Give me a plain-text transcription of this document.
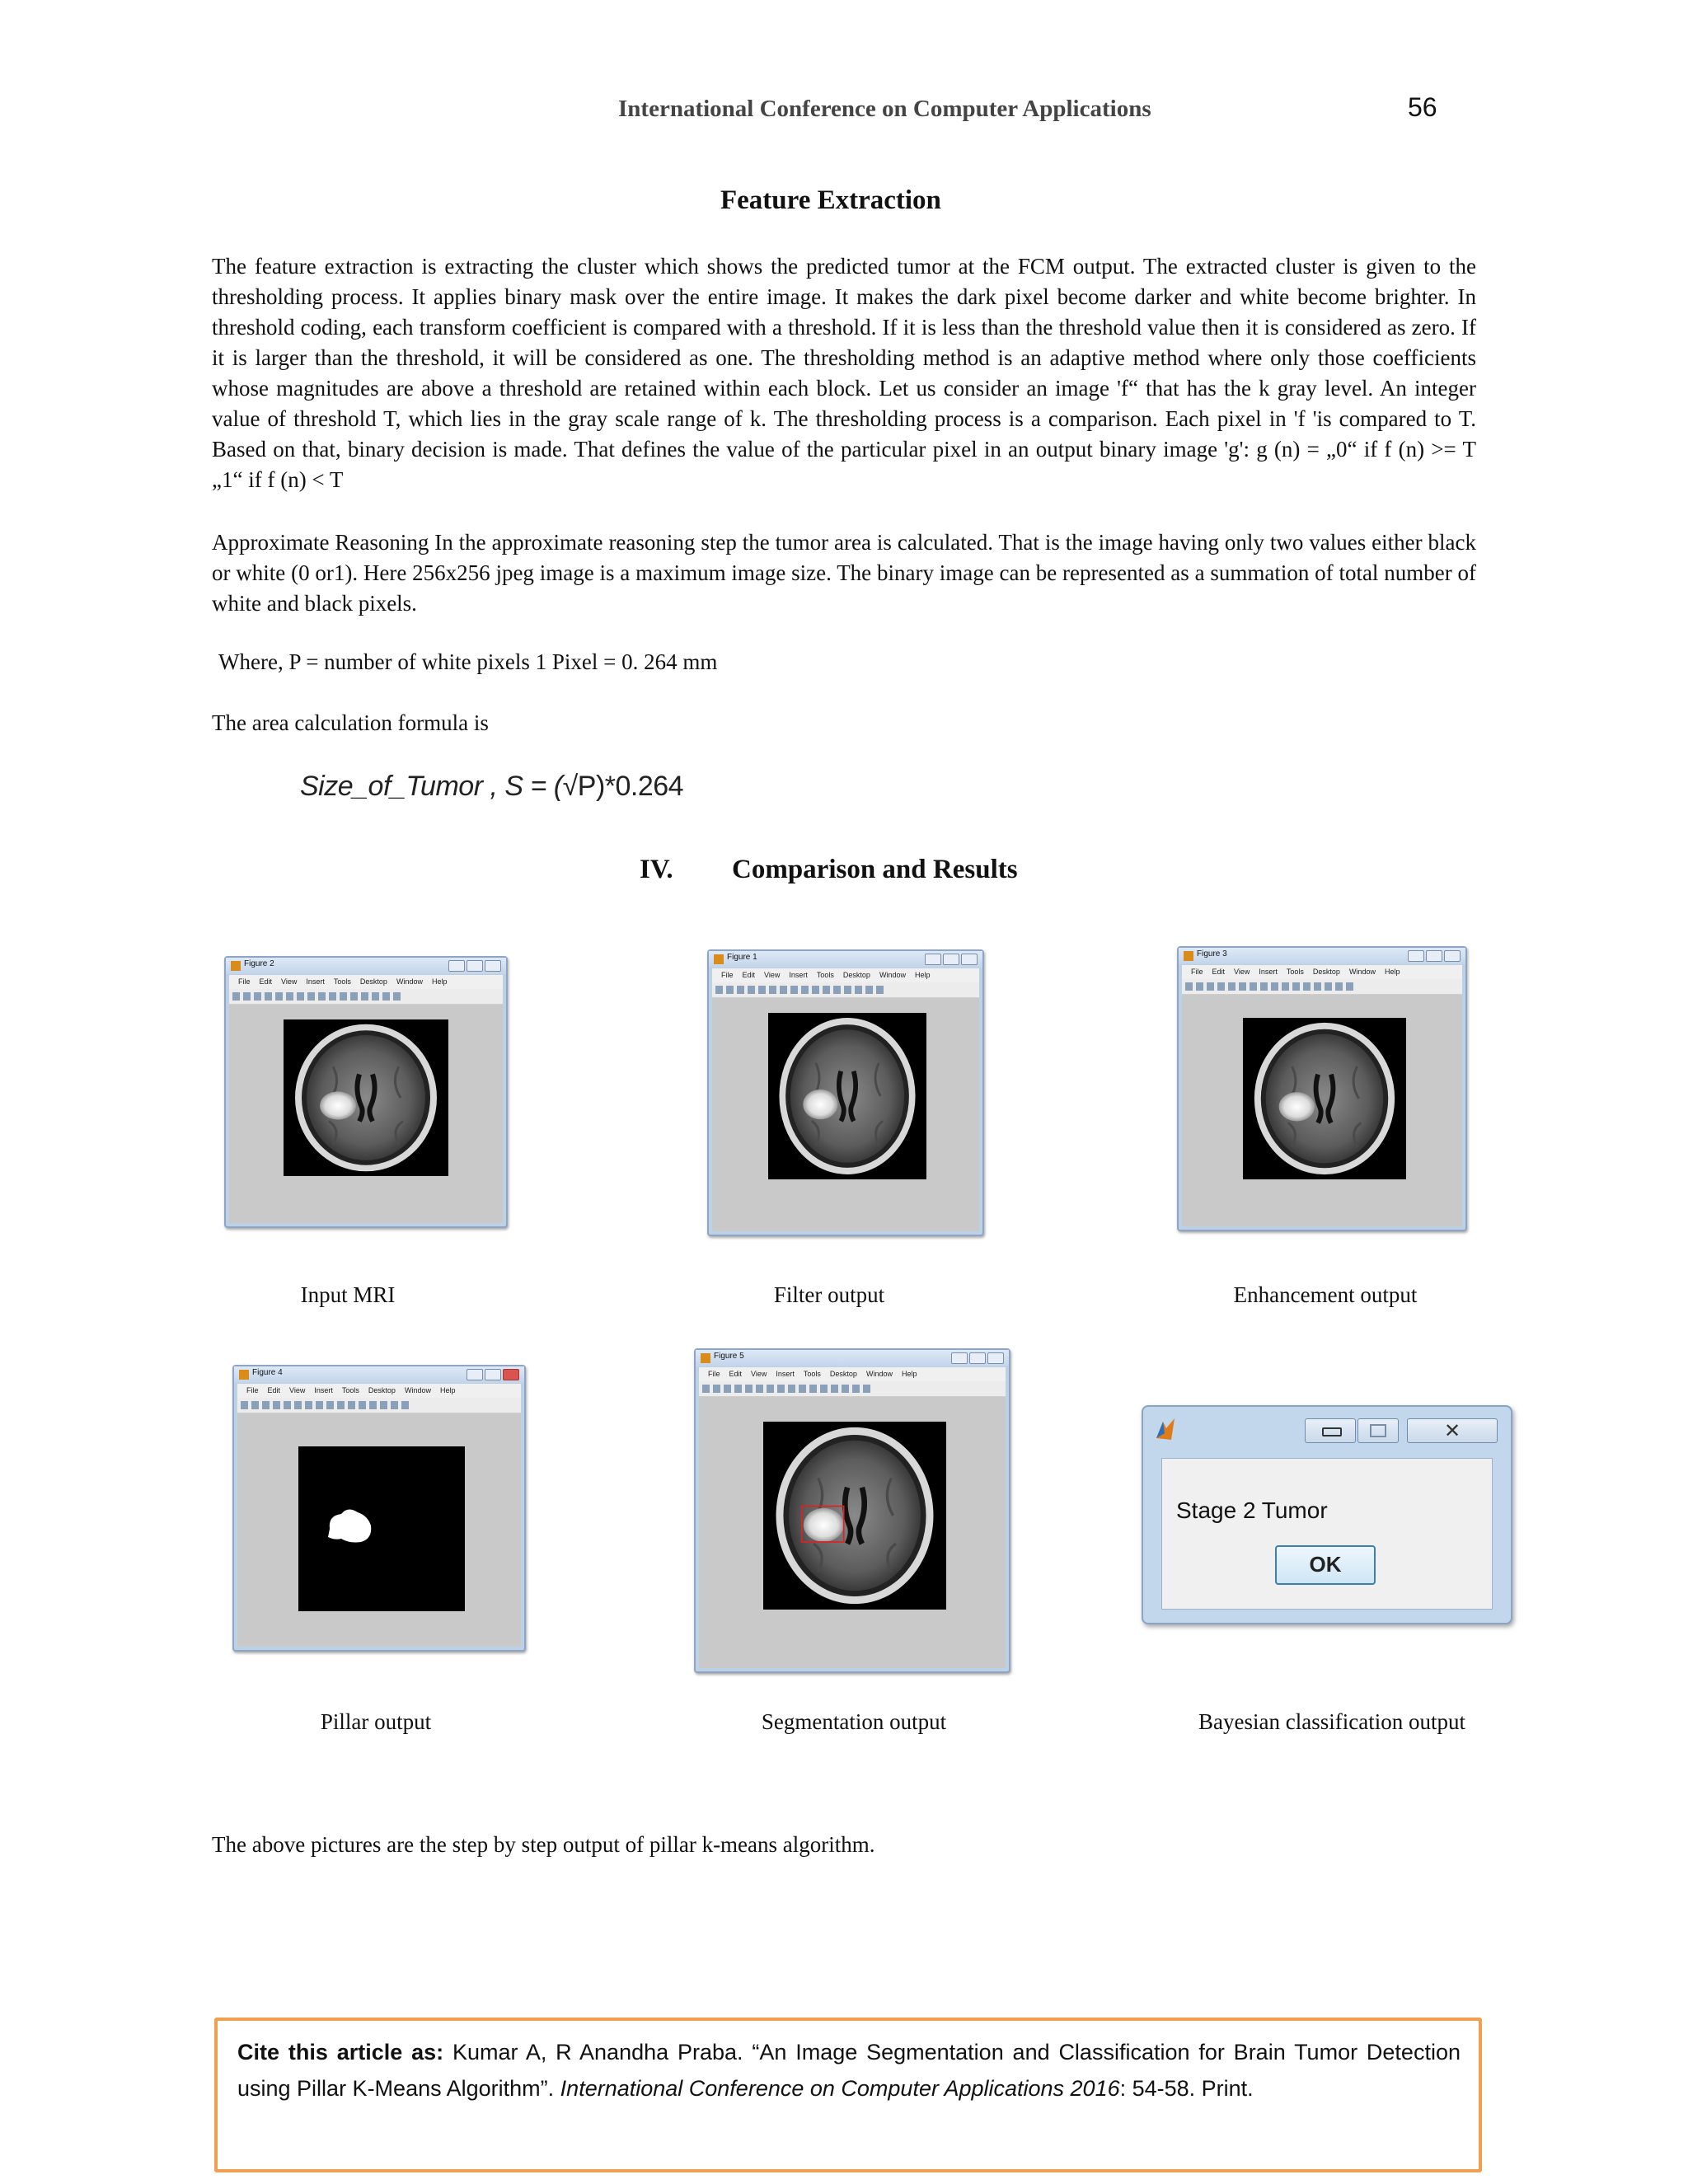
International Conference on Computer Applications	56
Feature Extraction
The feature extraction is extracting the cluster which shows the predicted tumor at the FCM output. The extracted cluster is given to the thresholding process. It applies binary mask over the entire image. It makes the dark pixel become darker and white become brighter. In threshold coding, each transform coefficient is compared with a threshold. If it is less than the threshold value then it is considered as zero. If it is larger than the threshold, it will be considered as one. The thresholding method is an adaptive method where only those coefficients whose magnitudes are above a threshold are retained within each block. Let us consider an image 'f“ that has the k gray level. An integer value of threshold T, which lies in the gray scale range of k. The thresholding process is a comparison. Each pixel in 'f 'is compared to T. Based on that, binary decision is made. That defines the value of the particular pixel in an output binary image 'g': g (n) = „0“ if f (n) >= T „1“ if f (n) < T
Approximate Reasoning In the approximate reasoning step the tumor area is calculated. That is the image having only two values either black or white (0 or1). Here 256x256 jpeg image is a maximum image size. The binary image can be represented as a summation of total number of white and black pixels.
Where, P = number of white pixels 1 Pixel = 0. 264 mm
The area calculation formula is
Size_of_Tumor , S = (√P)*0.264
IV. Comparison and Results
Figure 2
File Edit View Insert Tools Desktop Window Help
Input MRI
Figure 1
File Edit View Insert Tools Desktop Window Help
Filter output
Figure 3
File Edit View Insert Tools Desktop Window Help
Enhancement output
Figure 4
File Edit View Insert Tools Desktop Window Help
Pillar output
Figure 5
File Edit View Insert Tools Desktop Window Help
Segmentation output
✕
Stage 2 Tumor
OK
Bayesian classification output
The above pictures are the step by step output of pillar k-means algorithm.
Cite this article as: Kumar A, R Anandha Praba. “An Image Segmentation and Classification for Brain Tumor Detection using Pillar K-Means Algorithm”. International Conference on Computer Applications 2016: 54-58. Print.
